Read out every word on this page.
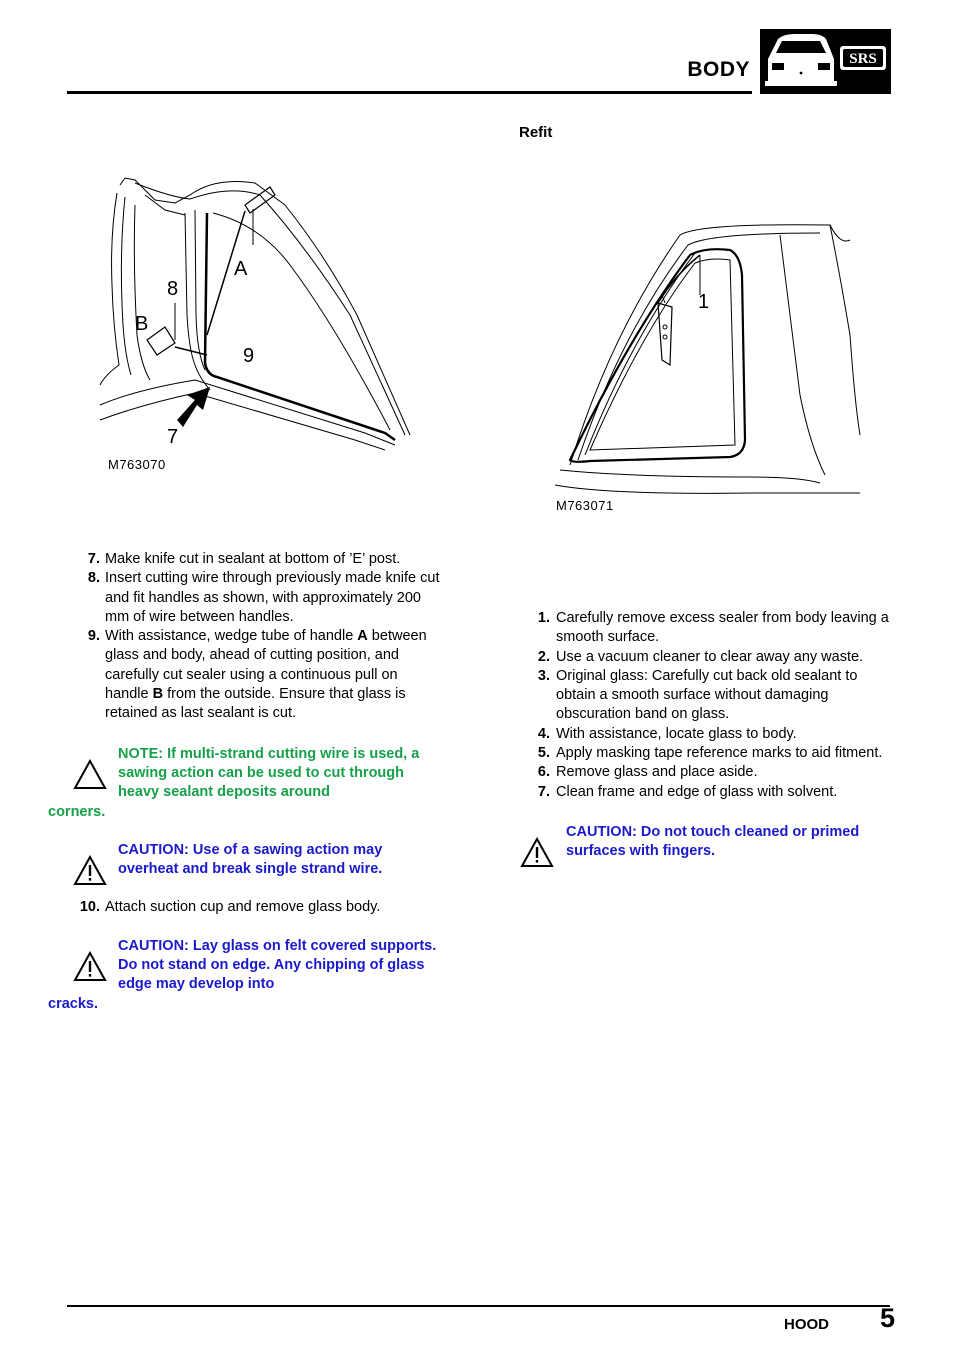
BODY	SRS
A
8
B
9
7
M763070
1
M763071
Refit
7. Make knife cut in sealant at bottom of ’E’ post.
8. Insert cutting wire through previously made knife cut and fit handles as shown, with approximately 200 mm of wire between handles.
9. With assistance, wedge tube of handle A between glass and body, ahead of cutting position, and carefully cut sealer using a continuous pull on handle B from the outside. Ensure that glass is retained as last sealant is cut.
NOTE: If multi-strand cutting wire is used, a sawing action can be used to cut through heavy sealant deposits around
corners.
CAUTION: Use of a sawing action may overheat and break single strand wire.
10. Attach suction cup and remove glass body.
CAUTION: Lay glass on felt covered supports. Do not stand on edge. Any chipping of glass edge may develop into
cracks.
1. Carefully remove excess sealer from body leaving a smooth surface.
2. Use a vacuum cleaner to clear away any waste.
3. Original glass: Carefully cut back old sealant to obtain a smooth surface without damaging obscuration band on glass.
4. With assistance, locate glass to body.
5. Apply masking tape reference marks to aid fitment.
6. Remove glass and place aside.
7. Clean frame and edge of glass with solvent.
CAUTION: Do not touch cleaned or primed surfaces with fingers.
HOOD 5
